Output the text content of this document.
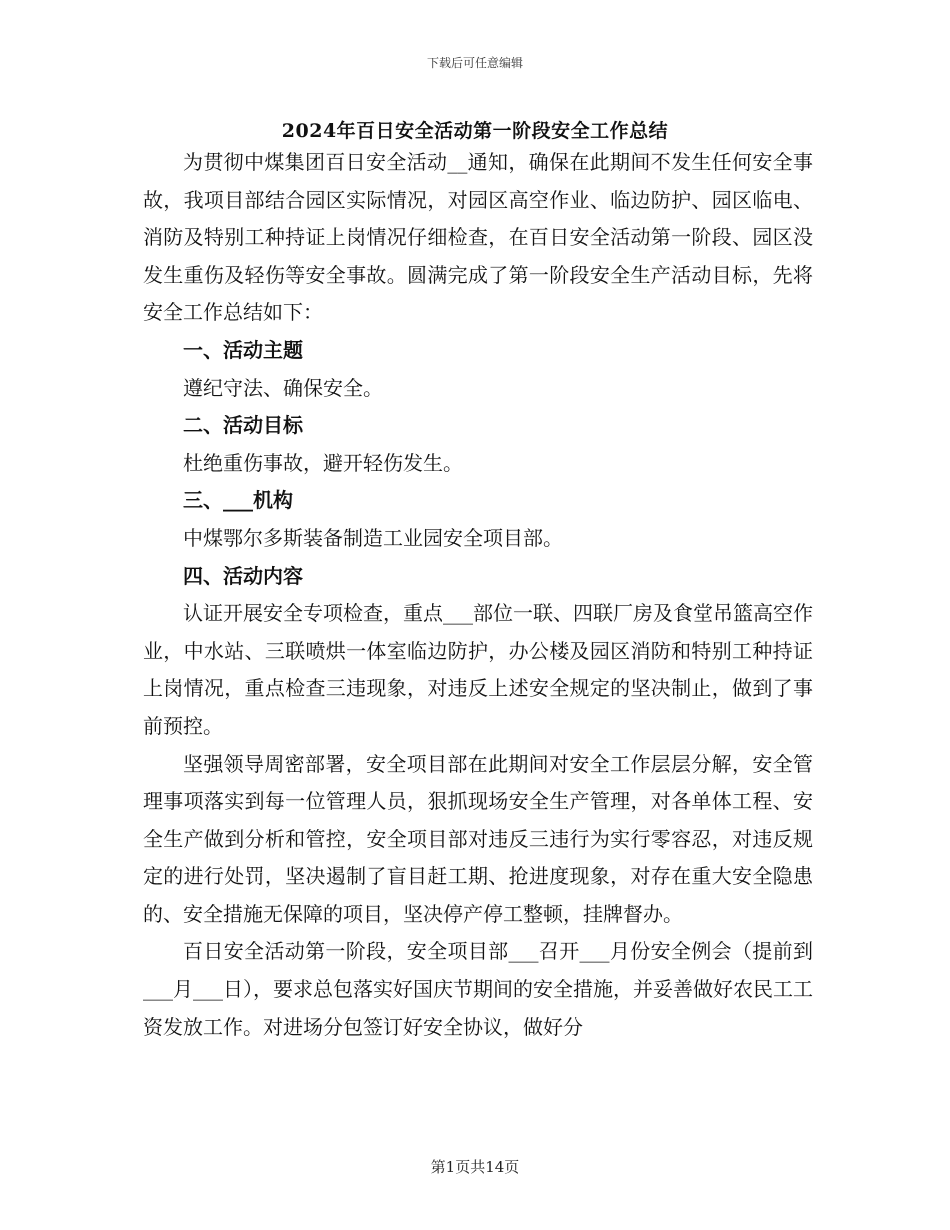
下载后可任意编辑
2024年百日安全活动第一阶段安全工作总结

为贯彻中煤集团百日安全活动__通知，确保在此期间不发生任何安全事故，我项目部结合园区实际情况，对园区高空作业、临边防护、园区临电、消防及特别工种持证上岗情况仔细检查，在百日安全活动第一阶段、园区没发生重伤及轻伤等安全事故。圆满完成了第一阶段安全生产活动目标，先将安全工作总结如下：

一、活动主题

遵纪守法、确保安全。

二、活动目标

杜绝重伤事故，避开轻伤发生。

三、___机构

中煤鄂尔多斯装备制造工业园安全项目部。

四、活动内容

认证开展安全专项检查，重点___部位一联、四联厂房及食堂吊篮高空作业，中水站、三联喷烘一体室临边防护，办公楼及园区消防和特别工种持证上岗情况，重点检查三违现象，对违反上述安全规定的坚决制止，做到了事前预控。

坚强领导周密部署，安全项目部在此期间对安全工作层层分解，安全管理事项落实到每一位管理人员，狠抓现场安全生产管理，对各单体工程、安全生产做到分析和管控，安全项目部对违反三违行为实行零容忍，对违反规定的进行处罚，坚决遏制了盲目赶工期、抢进度现象，对存在重大安全隐患的、安全措施无保障的项目，坚决停产停工整顿，挂牌督办。

百日安全活动第一阶段，安全项目部___召开___月份安全例会（提前到___月___日），要求总包落实好国庆节期间的安全措施，并妥善做好农民工工资发放工作。对进场分包签订好安全协议，做好分

第1页共14页
